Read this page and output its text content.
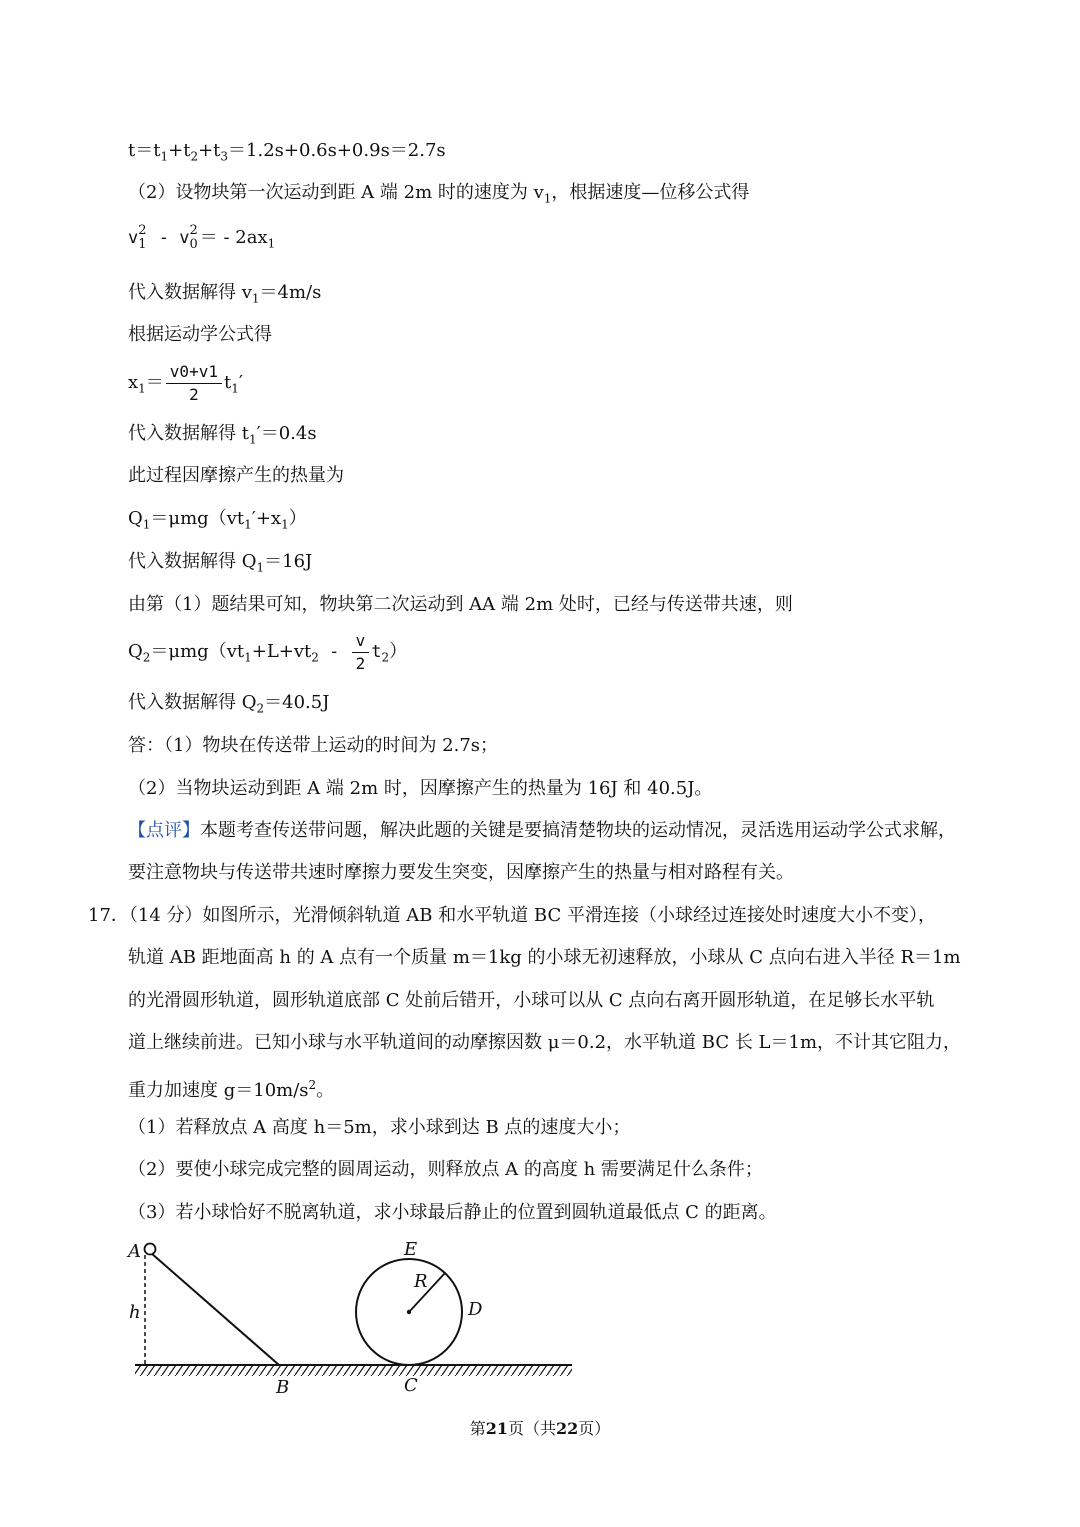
$t=t_1+t_2+t_3=1.2s+0.6s+0.9s=2.7s$
（2）设物块第一次运动到距 A 端 2m 时的速度为 $v_1$，根据速度—位移公式得
v 2
1 - v 2
0 ＝ - $2ax_1$
代入数据解得 $v_1=4m/s$
根据运动学公式得
$x_1= \frac{v0+v1}{2} t_1'$
代入数据解得 $t_1'=0.4s$
此过程因摩擦产生的热量为
$Q_1=\mu mg(vt_1'+x_1)$
代入数据解得 $Q_1=16J$
由第（1）题结果可知，物块第二次运动到 AA 端 2m 处时，已经与传送带共速，则
$Q_2=\mu mg(vt_1+L+vt_2 - \frac{v}{2} t_2)$
代入数据解得 $Q_2=40.5J$
答：（1）物块在传送带上运动的时间为 2.7s；
（2）当物块运动到距 A 端 2m 时，因摩擦产生的热量为 16J 和 40.5J。
【点评】本题考查传送带问题，解决此题的关键是要搞清楚物块的运动情况，灵活选用运动学公式求解，
要注意物块与传送带共速时摩擦力要发生突变，因摩擦产生的热量与相对路程有关。
17．（14 分）如图所示，光滑倾斜轨道 AB 和水平轨道 BC 平滑连接（小球经过连接处时速度大小不变），
轨道 AB 距地面高 h 的 A 点有一个质量 m＝1kg 的小球无初速释放，小球从 C 点向右进入半径 R＝1m
的光滑圆形轨道，圆形轨道底部 C 处前后错开，小球可以从 C 点向右离开圆形轨道，在足够长水平轨
道上继续前进。已知小球与水平轨道间的动摩擦因数 μ＝0.2，水平轨道 BC 长 L＝1m，不计其它阻力，
重力加速度 $g=10m/s^2$。
（1）若释放点 A 高度 h＝5m，求小球到达 B 点的速度大小；
（2）要使小球完成完整的圆周运动，则释放点 A 的高度 h 需要满足什么条件；
（3）若小球恰好不脱离轨道，求小球最后静止的位置到圆轨道最低点 C 的距离。
A
h
B	C
E
R
D
第21页（共22页）
